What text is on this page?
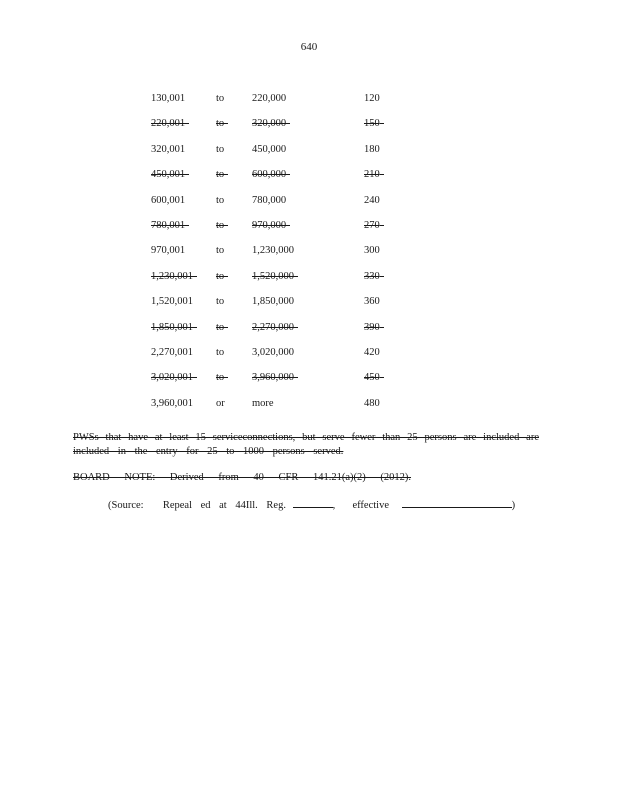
640
130,001	to	220,000	120
220,001	to	320,000	150
320,001	to	450,000	180
450,001	to	600,000	210
600,001	to	780,000	240
780,001	to	970,000	270
970,001	to	1,230,000	300
1,230,001	to	1,520,000	330
1,520,001 to	1,850,000	360
1,850,001	to	2,270,000	390
2,270,001 to	3,020,000	420
3,020,001	to	3,960,000	450
3,960,001 or	more	480
PWSs that have at least 15 serviceconnections, but serve fewer than 25 persons are included are
included in the entry for 25 to 1000 persons served.
BOARD NOTE: Derived from 40 CFR 141.21(a)(2) (2012).
(Source: Repeal ed at 44Ill. Reg.	, effective	)
